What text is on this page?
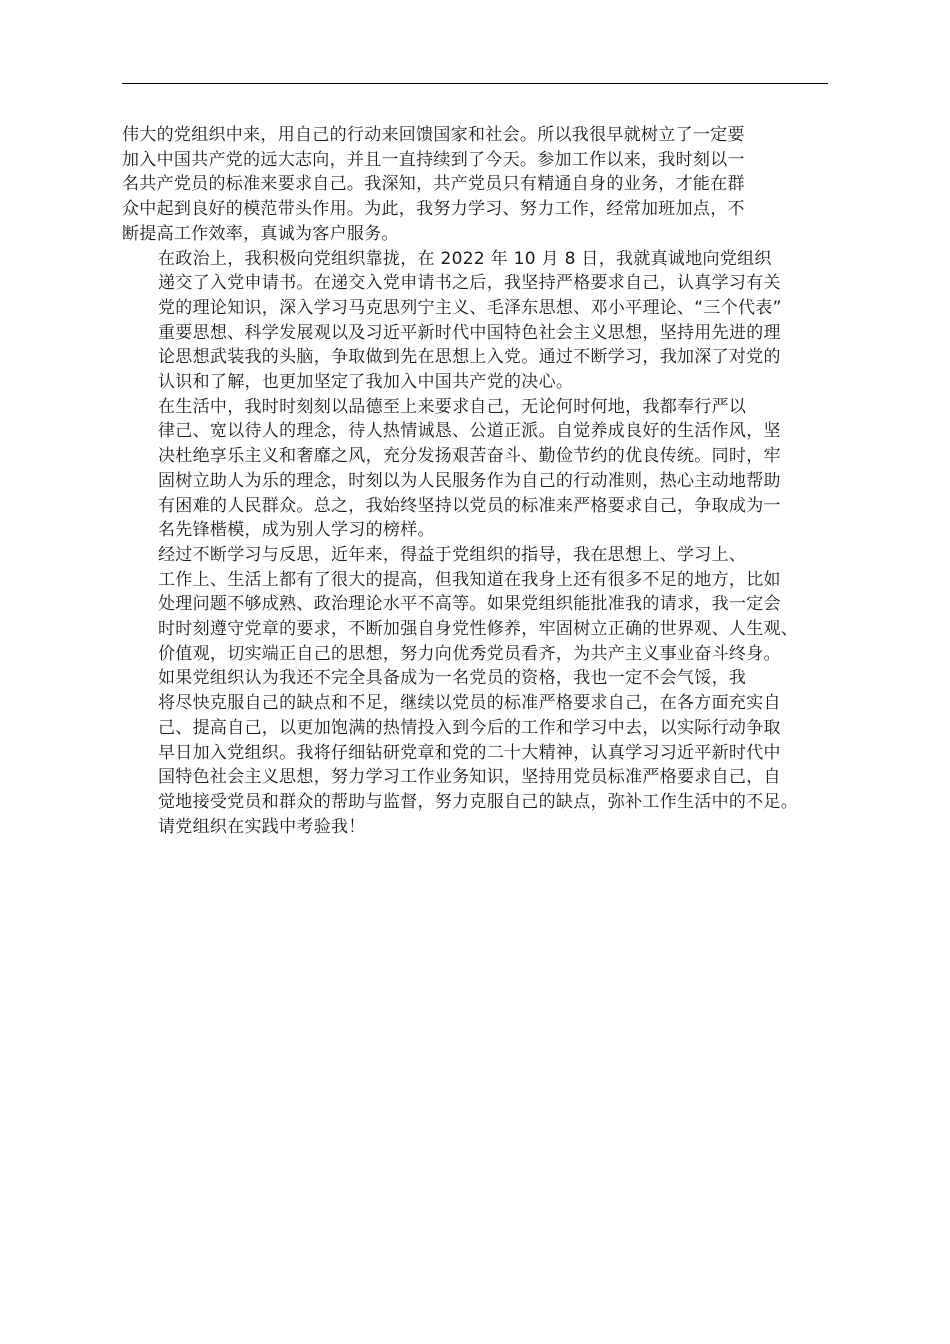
伟大的党组织中来，用自己的行动来回馈国家和社会。所以我很早就树立了一定要
加入中国共产党的远大志向，并且一直持续到了今天。参加工作以来，我时刻以一
名共产党员的标准来要求自己。我深知，共产党员只有精通自身的业务，才能在群
众中起到良好的模范带头作用。为此，我努力学习、努力工作，经常加班加点，不
断提高工作效率，真诚为客户服务。

在政治上，我积极向党组织靠拢，在 2022 年 10 月 8 日，我就真诚地向党组织
递交了入党申请书。在递交入党申请书之后，我坚持严格要求自己，认真学习有关
党的理论知识，深入学习马克思列宁主义、毛泽东思想、邓小平理论、“三个代表”
重要思想、科学发展观以及习近平新时代中国特色社会主义思想，坚持用先进的理
论思想武装我的头脑，争取做到先在思想上入党。通过不断学习，我加深了对党的
认识和了解，也更加坚定了我加入中国共产党的决心。

在生活中，我时时刻刻以品德至上来要求自己，无论何时何地，我都奉行严以
律己、宽以待人的理念，待人热情诚恳、公道正派。自觉养成良好的生活作风，坚
决杜绝享乐主义和奢靡之风，充分发扬艰苦奋斗、勤俭节约的优良传统。同时，牢
固树立助人为乐的理念，时刻以为人民服务作为自己的行动准则，热心主动地帮助
有困难的人民群众。总之，我始终坚持以党员的标准来严格要求自己，争取成为一
名先锋楷模，成为别人学习的榜样。

经过不断学习与反思，近年来，得益于党组织的指导，我在思想上、学习上、
工作上、生活上都有了很大的提高，但我知道在我身上还有很多不足的地方，比如
处理问题不够成熟、政治理论水平不高等。如果党组织能批准我的请求，我一定会
时时刻遵守党章的要求，不断加强自身党性修养，牢固树立正确的世界观、人生观、
价值观，切实端正自己的思想，努力向优秀党员看齐，为共产主义事业奋斗终身。

如果党组织认为我还不完全具备成为一名党员的资格，我也一定不会气馁，我
将尽快克服自己的缺点和不足，继续以党员的标准严格要求自己，在各方面充实自
己、提高自己，以更加饱满的热情投入到今后的工作和学习中去，以实际行动争取
早日加入党组织。我将仔细钻研党章和党的二十大精神，认真学习习近平新时代中
国特色社会主义思想，努力学习工作业务知识，坚持用党员标准严格要求自己，自
觉地接受党员和群众的帮助与监督，努力克服自己的缺点，弥补工作生活中的不足。

请党组织在实践中考验我！
